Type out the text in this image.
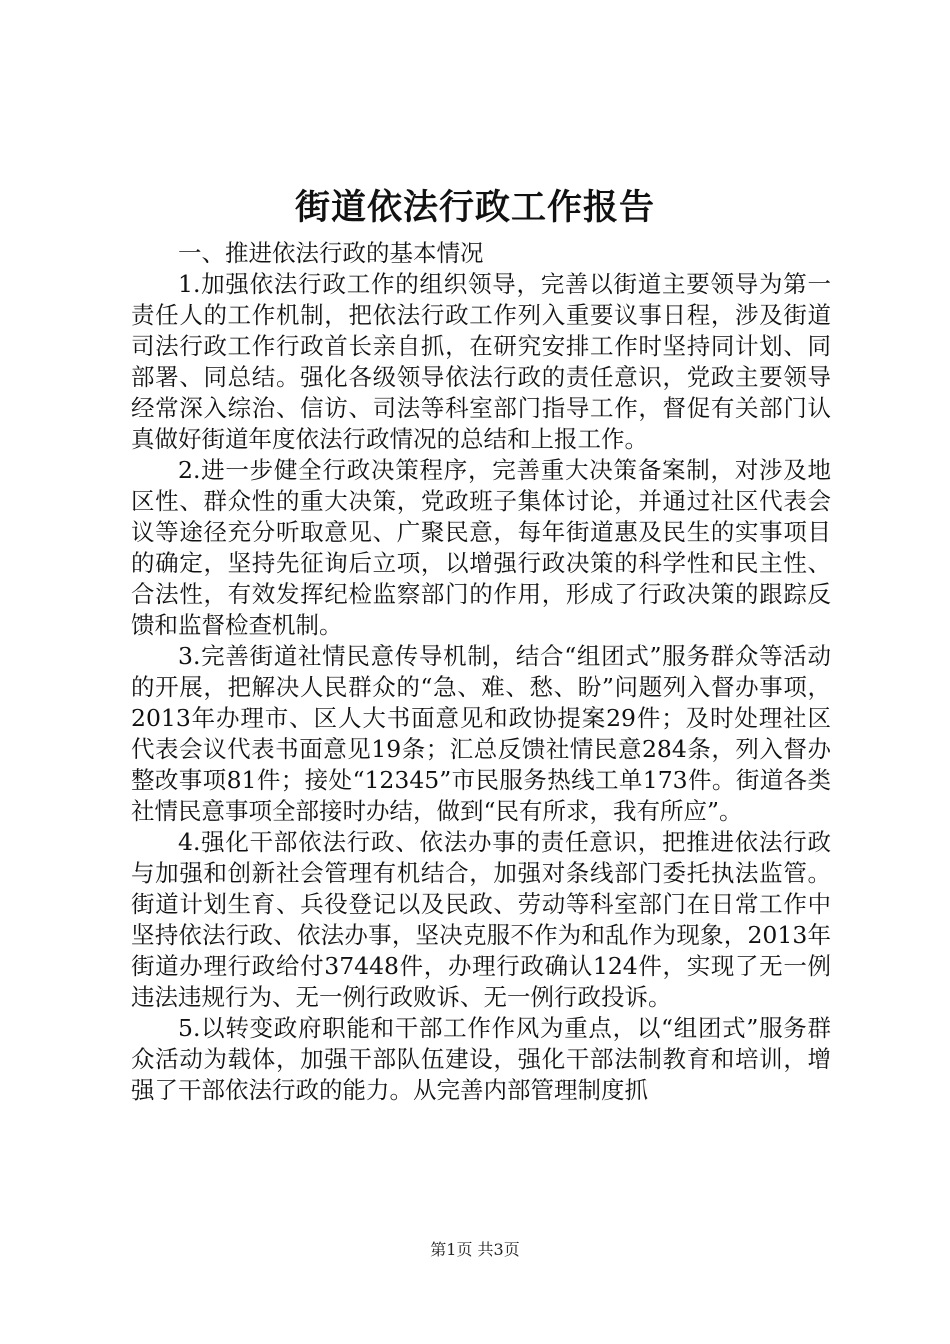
街道依法行政工作报告

一、推进依法行政的基本情况

1.加强依法行政工作的组织领导，完善以街道主要领导为第一责任人的工作机制，把依法行政工作列入重要议事日程，涉及街道司法行政工作行政首长亲自抓，在研究安排工作时坚持同计划、同部署、同总结。强化各级领导依法行政的责任意识，党政主要领导经常深入综治、信访、司法等科室部门指导工作，督促有关部门认真做好街道年度依法行政情况的总结和上报工作。

2.进一步健全行政决策程序，完善重大决策备案制，对涉及地区性、群众性的重大决策，党政班子集体讨论，并通过社区代表会议等途径充分听取意见、广聚民意，每年街道惠及民生的实事项目的确定，坚持先征询后立项，以增强行政决策的科学性和民主性、合法性，有效发挥纪检监察部门的作用，形成了行政决策的跟踪反馈和监督检查机制。

3.完善街道社情民意传导机制，结合“组团式”服务群众等活动的开展，把解决人民群众的“急、难、愁、盼”问题列入督办事项，2013年办理市、区人大书面意见和政协提案29件；及时处理社区代表会议代表书面意见19条；汇总反馈社情民意284条，列入督办整改事项81件；接处“12345”市民服务热线工单173件。街道各类社情民意事项全部接时办结，做到“民有所求，我有所应”。

4.强化干部依法行政、依法办事的责任意识，把推进依法行政与加强和创新社会管理有机结合，加强对条线部门委托执法监管。街道计划生育、兵役登记以及民政、劳动等科室部门在日常工作中坚持依法行政、依法办事，坚决克服不作为和乱作为现象，2013年街道办理行政给付37448件，办理行政确认124件，实现了无一例违法违规行为、无一例行政败诉、无一例行政投诉。

5.以转变政府职能和干部工作作风为重点，以“组团式”服务群众活动为载体，加强干部队伍建设，强化干部法制教育和培训，增强了干部依法行政的能力。从完善内部管理制度抓

第1页 共3页
